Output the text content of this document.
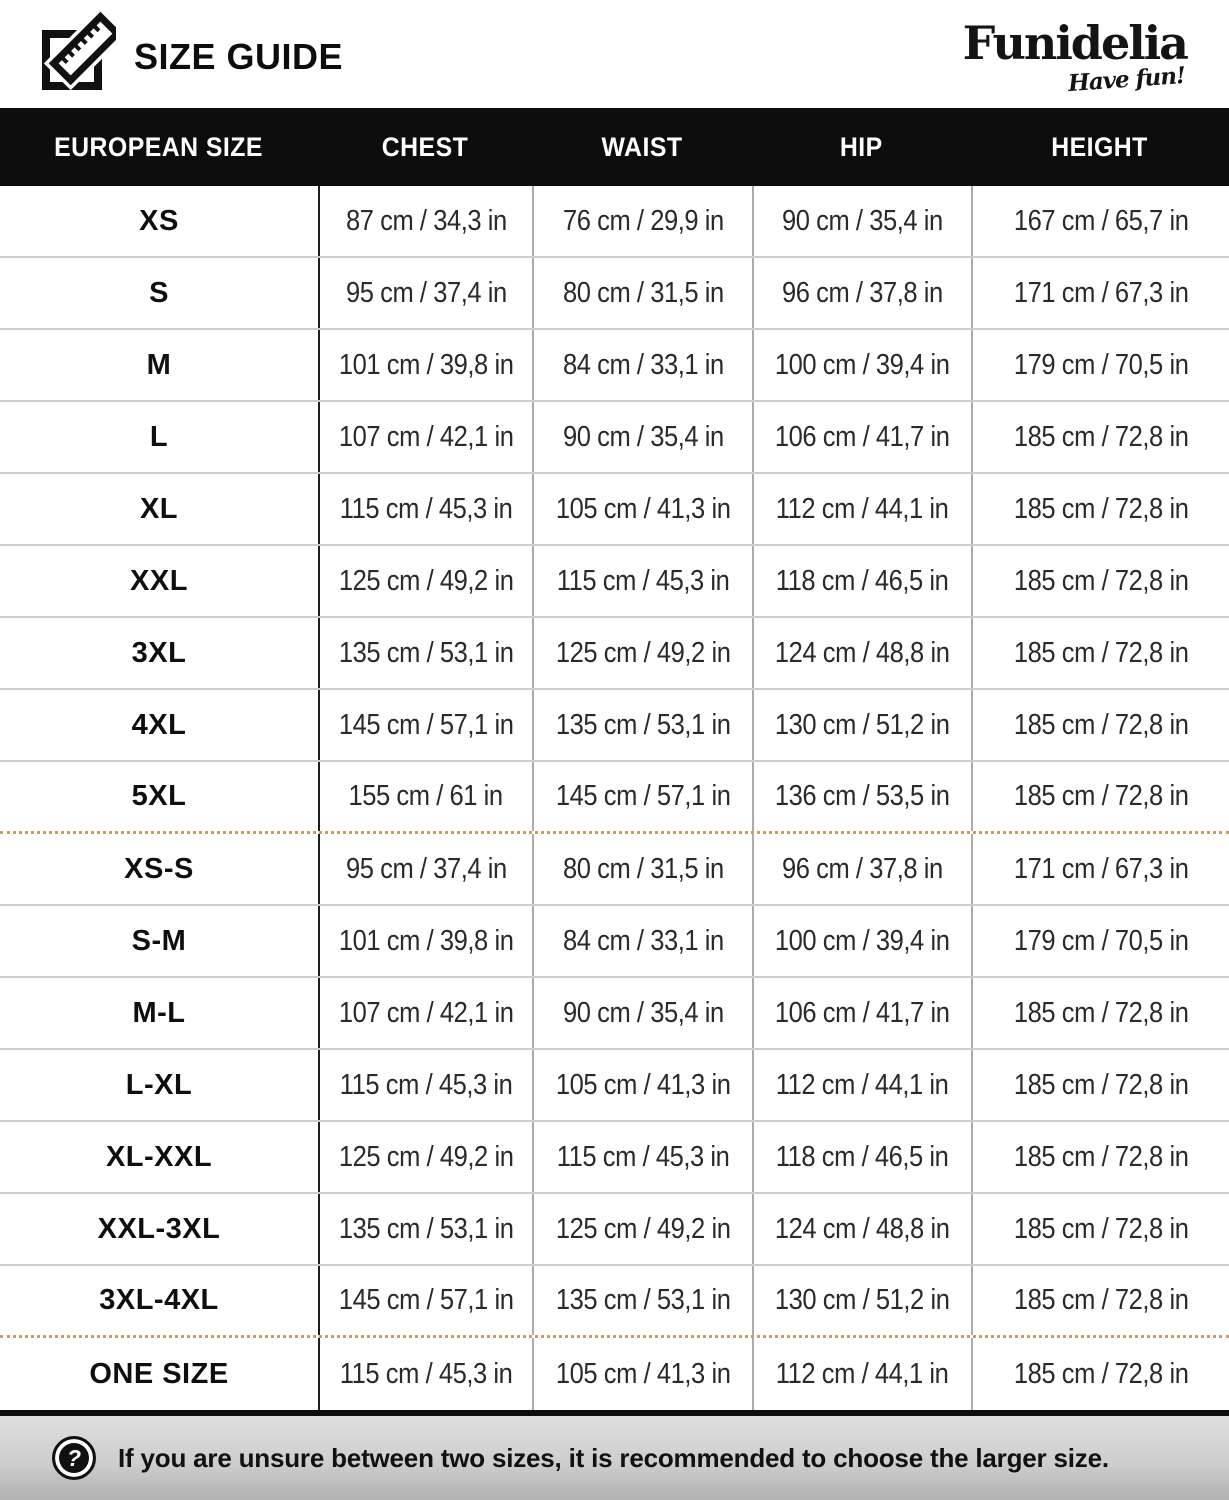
SIZE GUIDE	Funidelia
Have fun!
EUROPEAN SIZE	CHEST	WAIST	HIP	HEIGHT
XS	87 cm / 34,3 in 76 cm / 29,9 in 90 cm / 35,4 in 167 cm / 65,7 in
S	95 cm / 37,4 in 80 cm / 31,5 in 96 cm / 37,8 in 171 cm / 67,3 in
M	101 cm / 39,8 in 84 cm / 33,1 in 100 cm / 39,4 in 179 cm / 70,5 in
L	107 cm / 42,1 in 90 cm / 35,4 in 106 cm / 41,7 in 185 cm / 72,8 in
XL	115 cm / 45,3 in 105 cm / 41,3 in 112 cm / 44,1 in 185 cm / 72,8 in
XXL	125 cm / 49,2 in 115 cm / 45,3 in 118 cm / 46,5 in 185 cm / 72,8 in
3XL	135 cm / 53,1 in 125 cm / 49,2 in 124 cm / 48,8 in 185 cm / 72,8 in
4XL	145 cm / 57,1 in 135 cm / 53,1 in 130 cm / 51,2 in 185 cm / 72,8 in
5XL	155 cm / 61 in 145 cm / 57,1 in 136 cm / 53,5 in 185 cm / 72,8 in
XS-S	95 cm / 37,4 in 80 cm / 31,5 in 96 cm / 37,8 in 171 cm / 67,3 in
S-M	101 cm / 39,8 in 84 cm / 33,1 in 100 cm / 39,4 in 179 cm / 70,5 in
M-L	107 cm / 42,1 in 90 cm / 35,4 in 106 cm / 41,7 in 185 cm / 72,8 in
L-XL	115 cm / 45,3 in 105 cm / 41,3 in 112 cm / 44,1 in 185 cm / 72,8 in
XL-XXL	125 cm / 49,2 in 115 cm / 45,3 in 118 cm / 46,5 in 185 cm / 72,8 in
XXL-3XL	135 cm / 53,1 in 125 cm / 49,2 in 124 cm / 48,8 in 185 cm / 72,8 in
3XL-4XL	145 cm / 57,1 in 135 cm / 53,1 in 130 cm / 51,2 in 185 cm / 72,8 in
ONE SIZE	115 cm / 45,3 in 105 cm / 41,3 in 112 cm / 44,1 in 185 cm / 72,8 in
?	If you are unsure between two sizes, it is recommended to choose the larger size.
